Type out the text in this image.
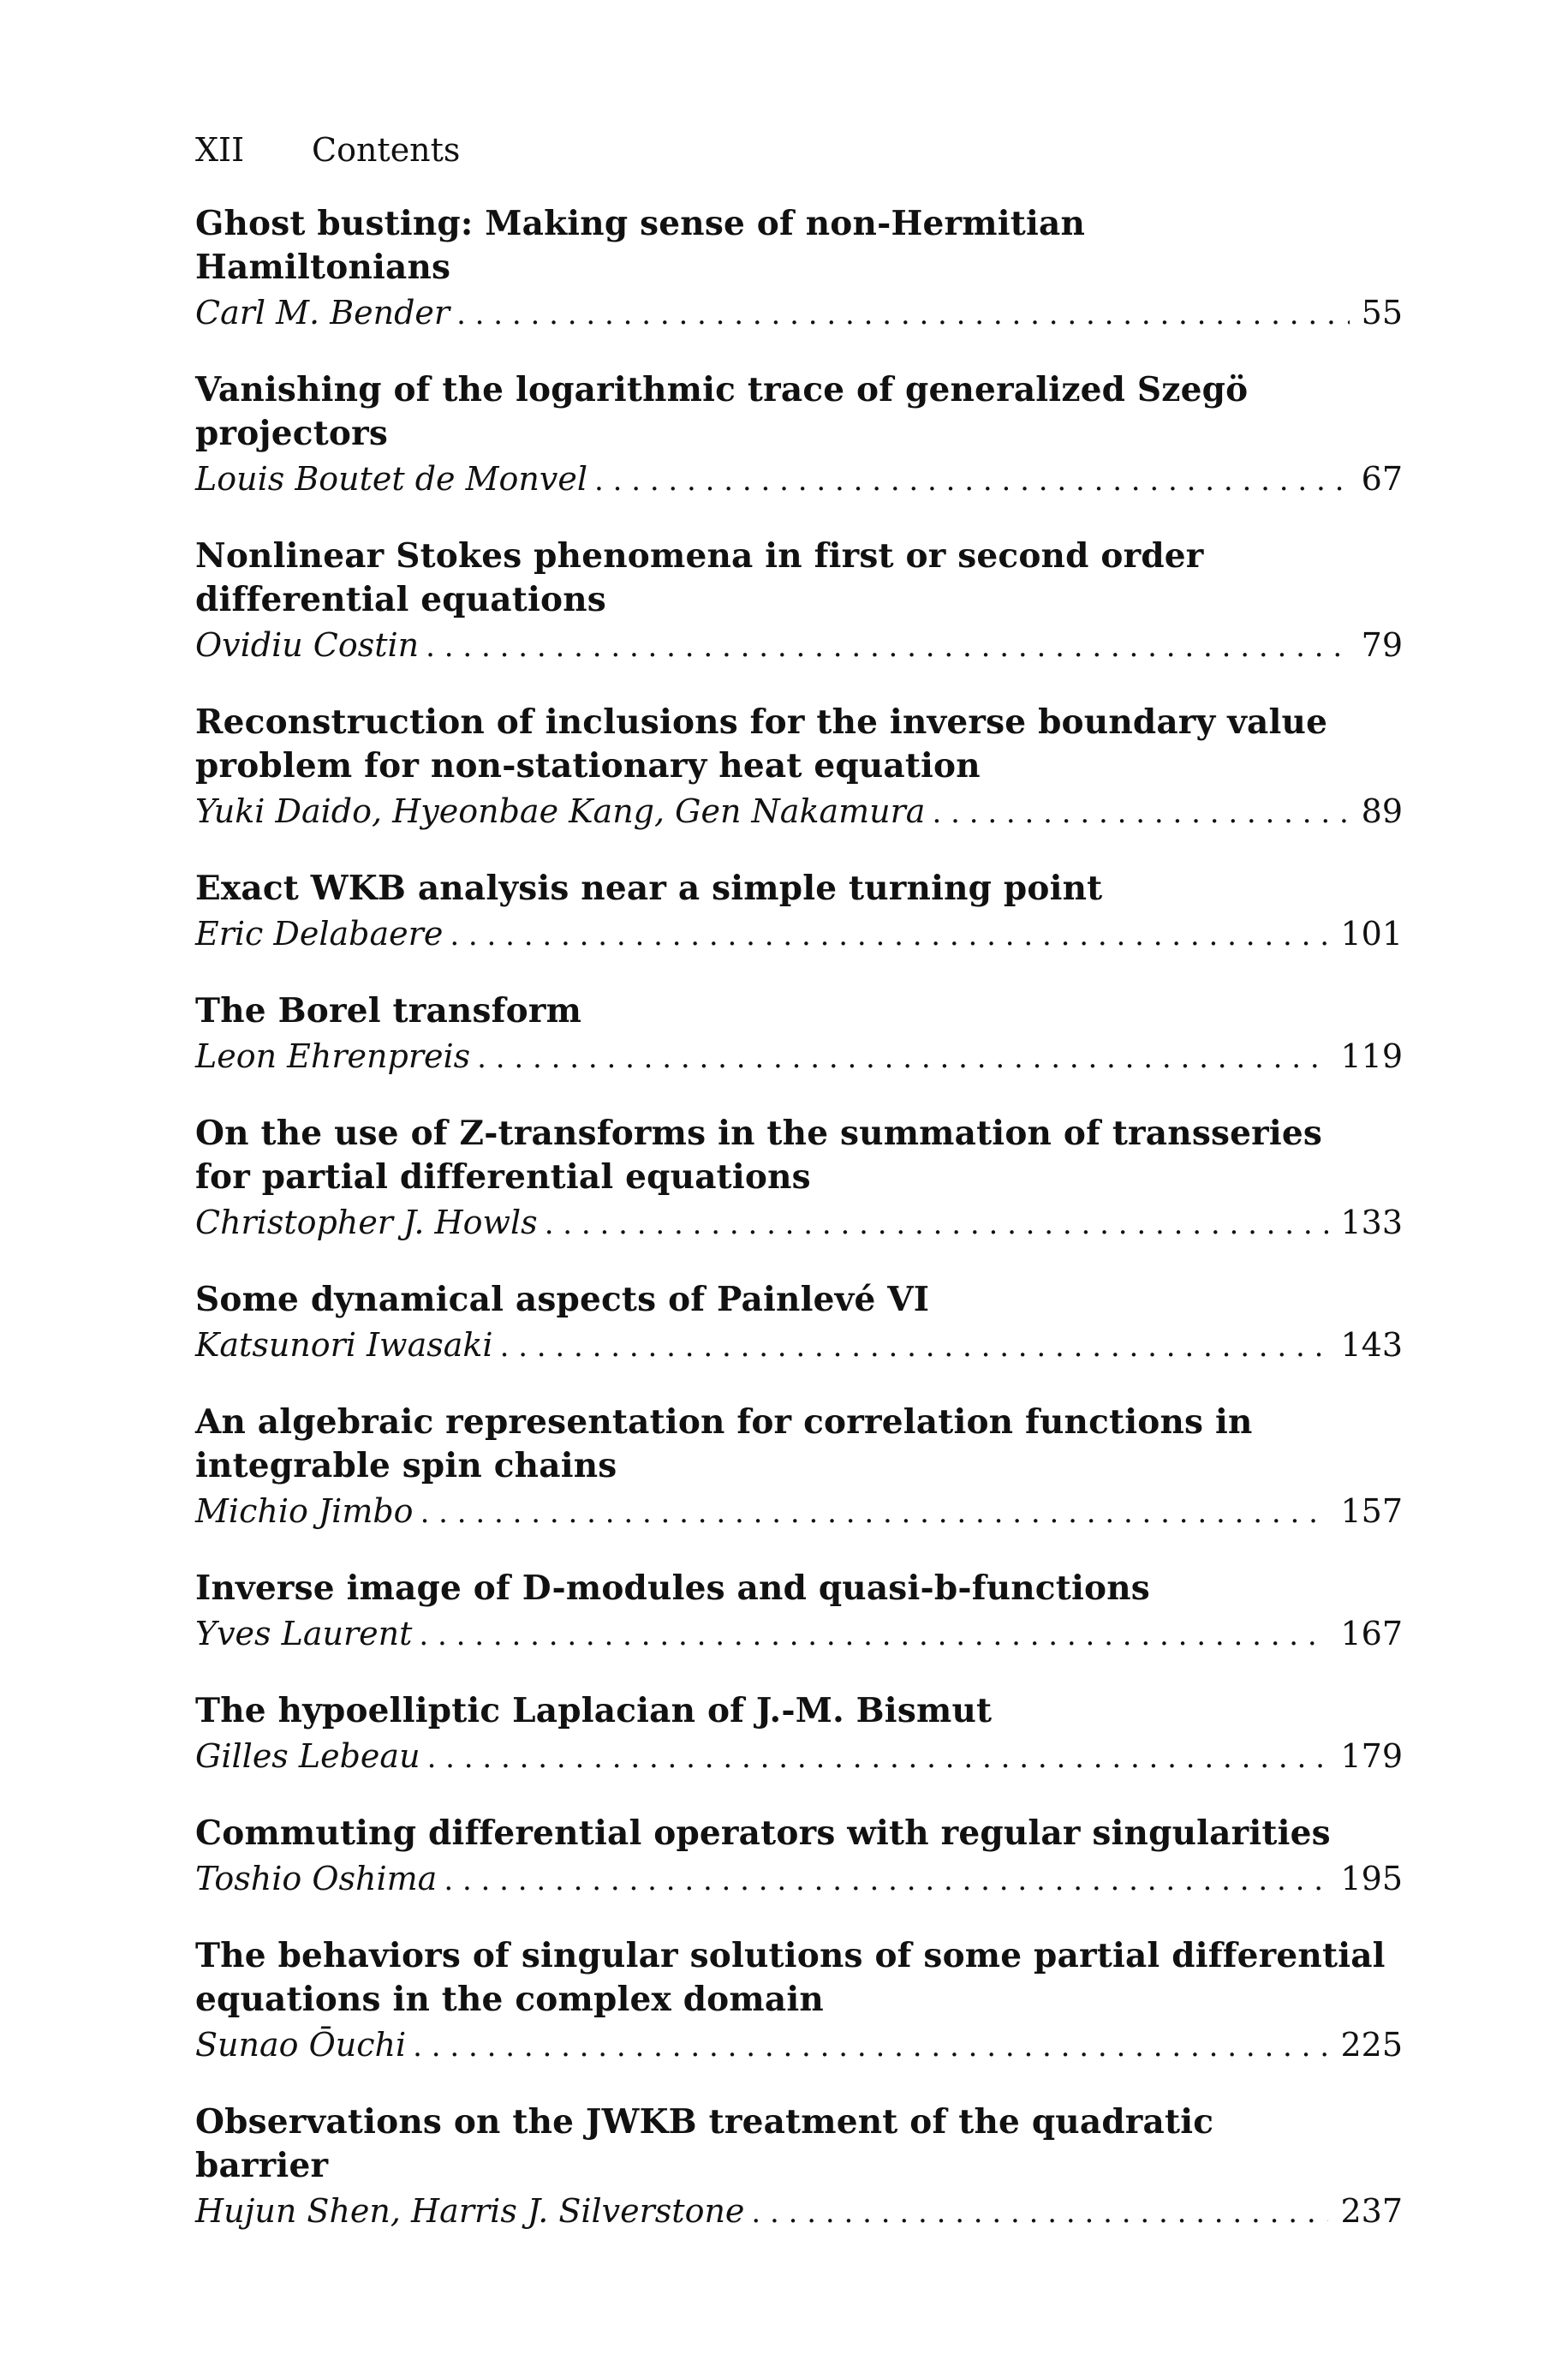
XII Contents
Ghost busting: Making sense of non-Hermitian Hamiltonians
Carl M. Bender . . .	55
Vanishing of the logarithmic trace of generalized Szegö projectors
Louis Boutet de Monvel . . .	67
Nonlinear Stokes phenomena in first or second order differential equations
Ovidiu Costin . . .	79
Reconstruction of inclusions for the inverse boundary value problem for non-stationary heat equation
Yuki Daido, Hyeonbae Kang, Gen Nakamura . . .	89
Exact WKB analysis near a simple turning point
Eric Delabaere . . .	101
The Borel transform
Leon Ehrenpreis . . .	119
On the use of Z-transforms in the summation of transseries for partial differential equations
Christopher J. Howls . . .	133
Some dynamical aspects of Painlevé VI
Katsunori Iwasaki . . .	143
An algebraic representation for correlation functions in integrable spin chains
Michio Jimbo . . .	157
Inverse image of D-modules and quasi-b-functions
Yves Laurent . . .	167
The hypoelliptic Laplacian of J.-M. Bismut
Gilles Lebeau . . .	179
Commuting differential operators with regular singularities
Toshio Oshima . . .	195
The behaviors of singular solutions of some partial differential equations in the complex domain
Sunao Ōuchi . . .	225
Observations on the JWKB treatment of the quadratic barrier
Hujun Shen, Harris J. Silverstone . . .	237
